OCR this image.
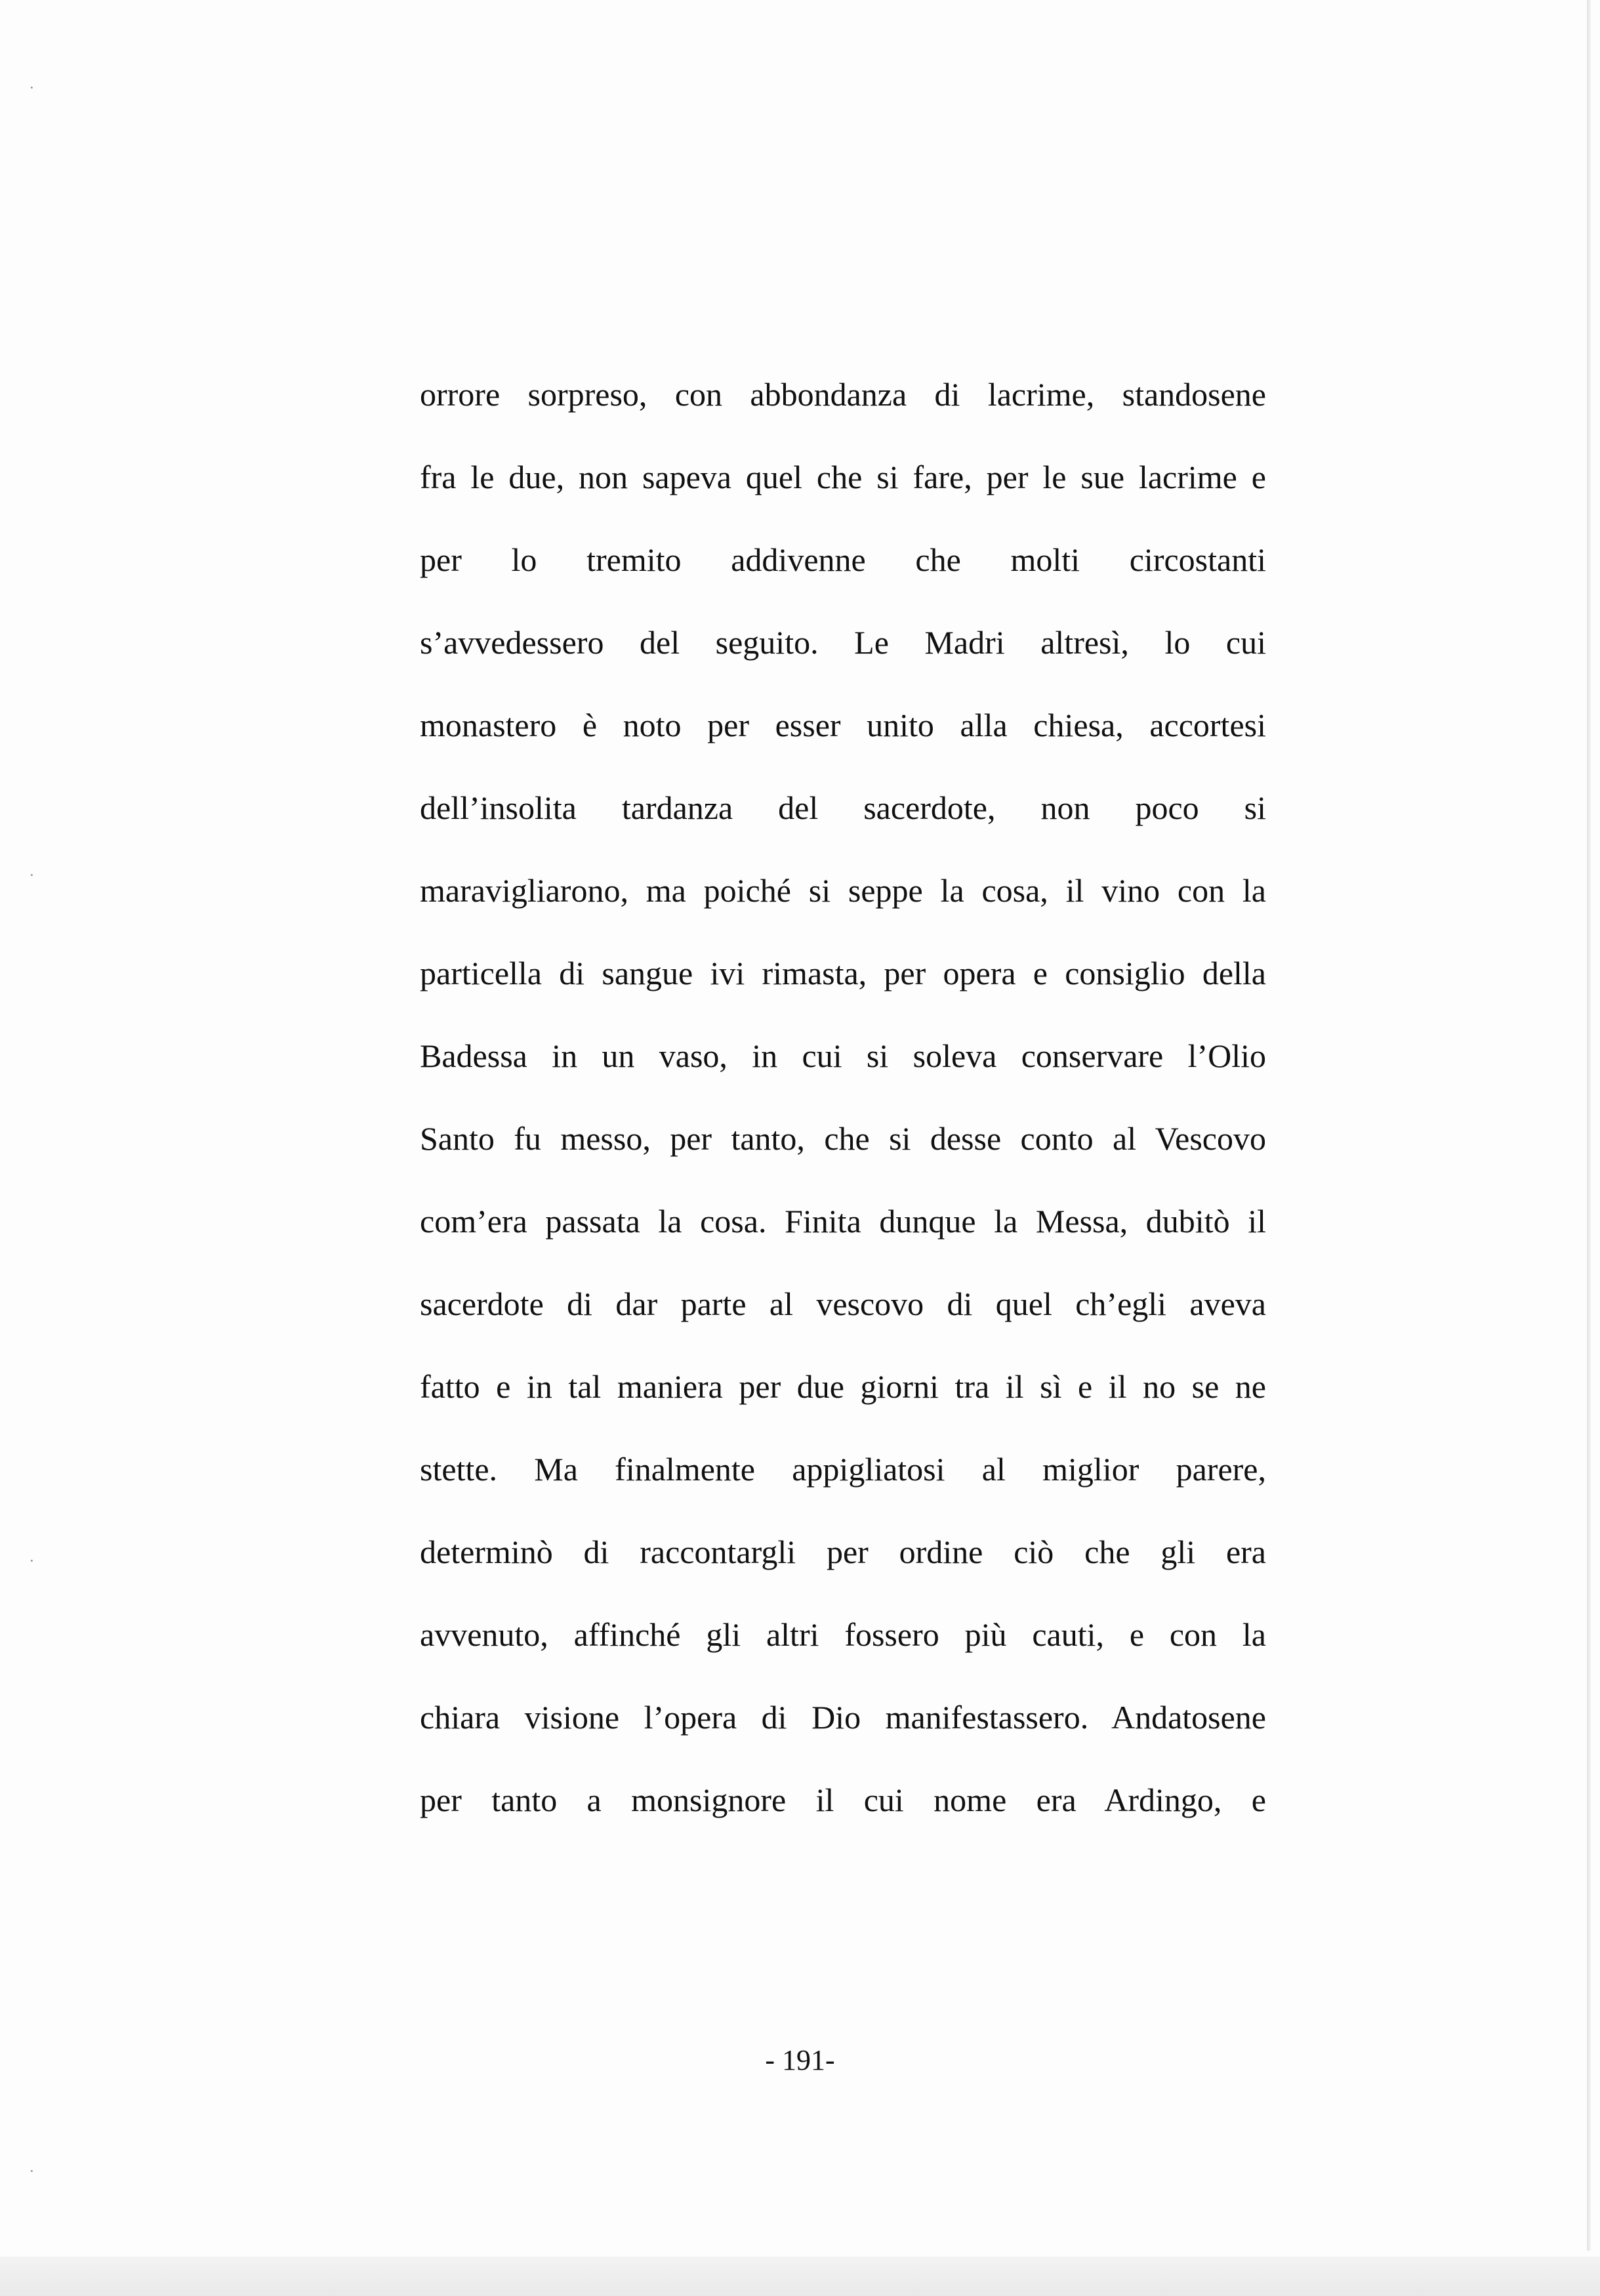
·
·
·
·
orrore sorpreso, con abbondanza di lacrime, standosene
fra le due, non sapeva quel che si fare, per le sue lacrime e
per lo tremito addivenne che molti circostanti
s’avvedessero del seguito. Le Madri altresì, lo cui
monastero è noto per esser unito alla chiesa, accortesi
dell’insolita tardanza del sacerdote, non poco si
maravigliarono, ma poiché si seppe la cosa, il vino con la
particella di sangue ivi rimasta, per opera e consiglio della
Badessa in un vaso, in cui si soleva conservare l’Olio
Santo fu messo, per tanto, che si desse conto al Vescovo
com’era passata la cosa. Finita dunque la Messa, dubitò il
sacerdote di dar parte al vescovo di quel ch’egli aveva
fatto e in tal maniera per due giorni tra il sì e il no se ne
stette. Ma finalmente appigliatosi al miglior parere,
determinò di raccontargli per ordine ciò che gli era
avvenuto, affinché gli altri fossero più cauti, e con la
chiara visione l’opera di Dio manifestassero. Andatosene
per tanto a monsignore il cui nome era Ardingo, e
- 191-
